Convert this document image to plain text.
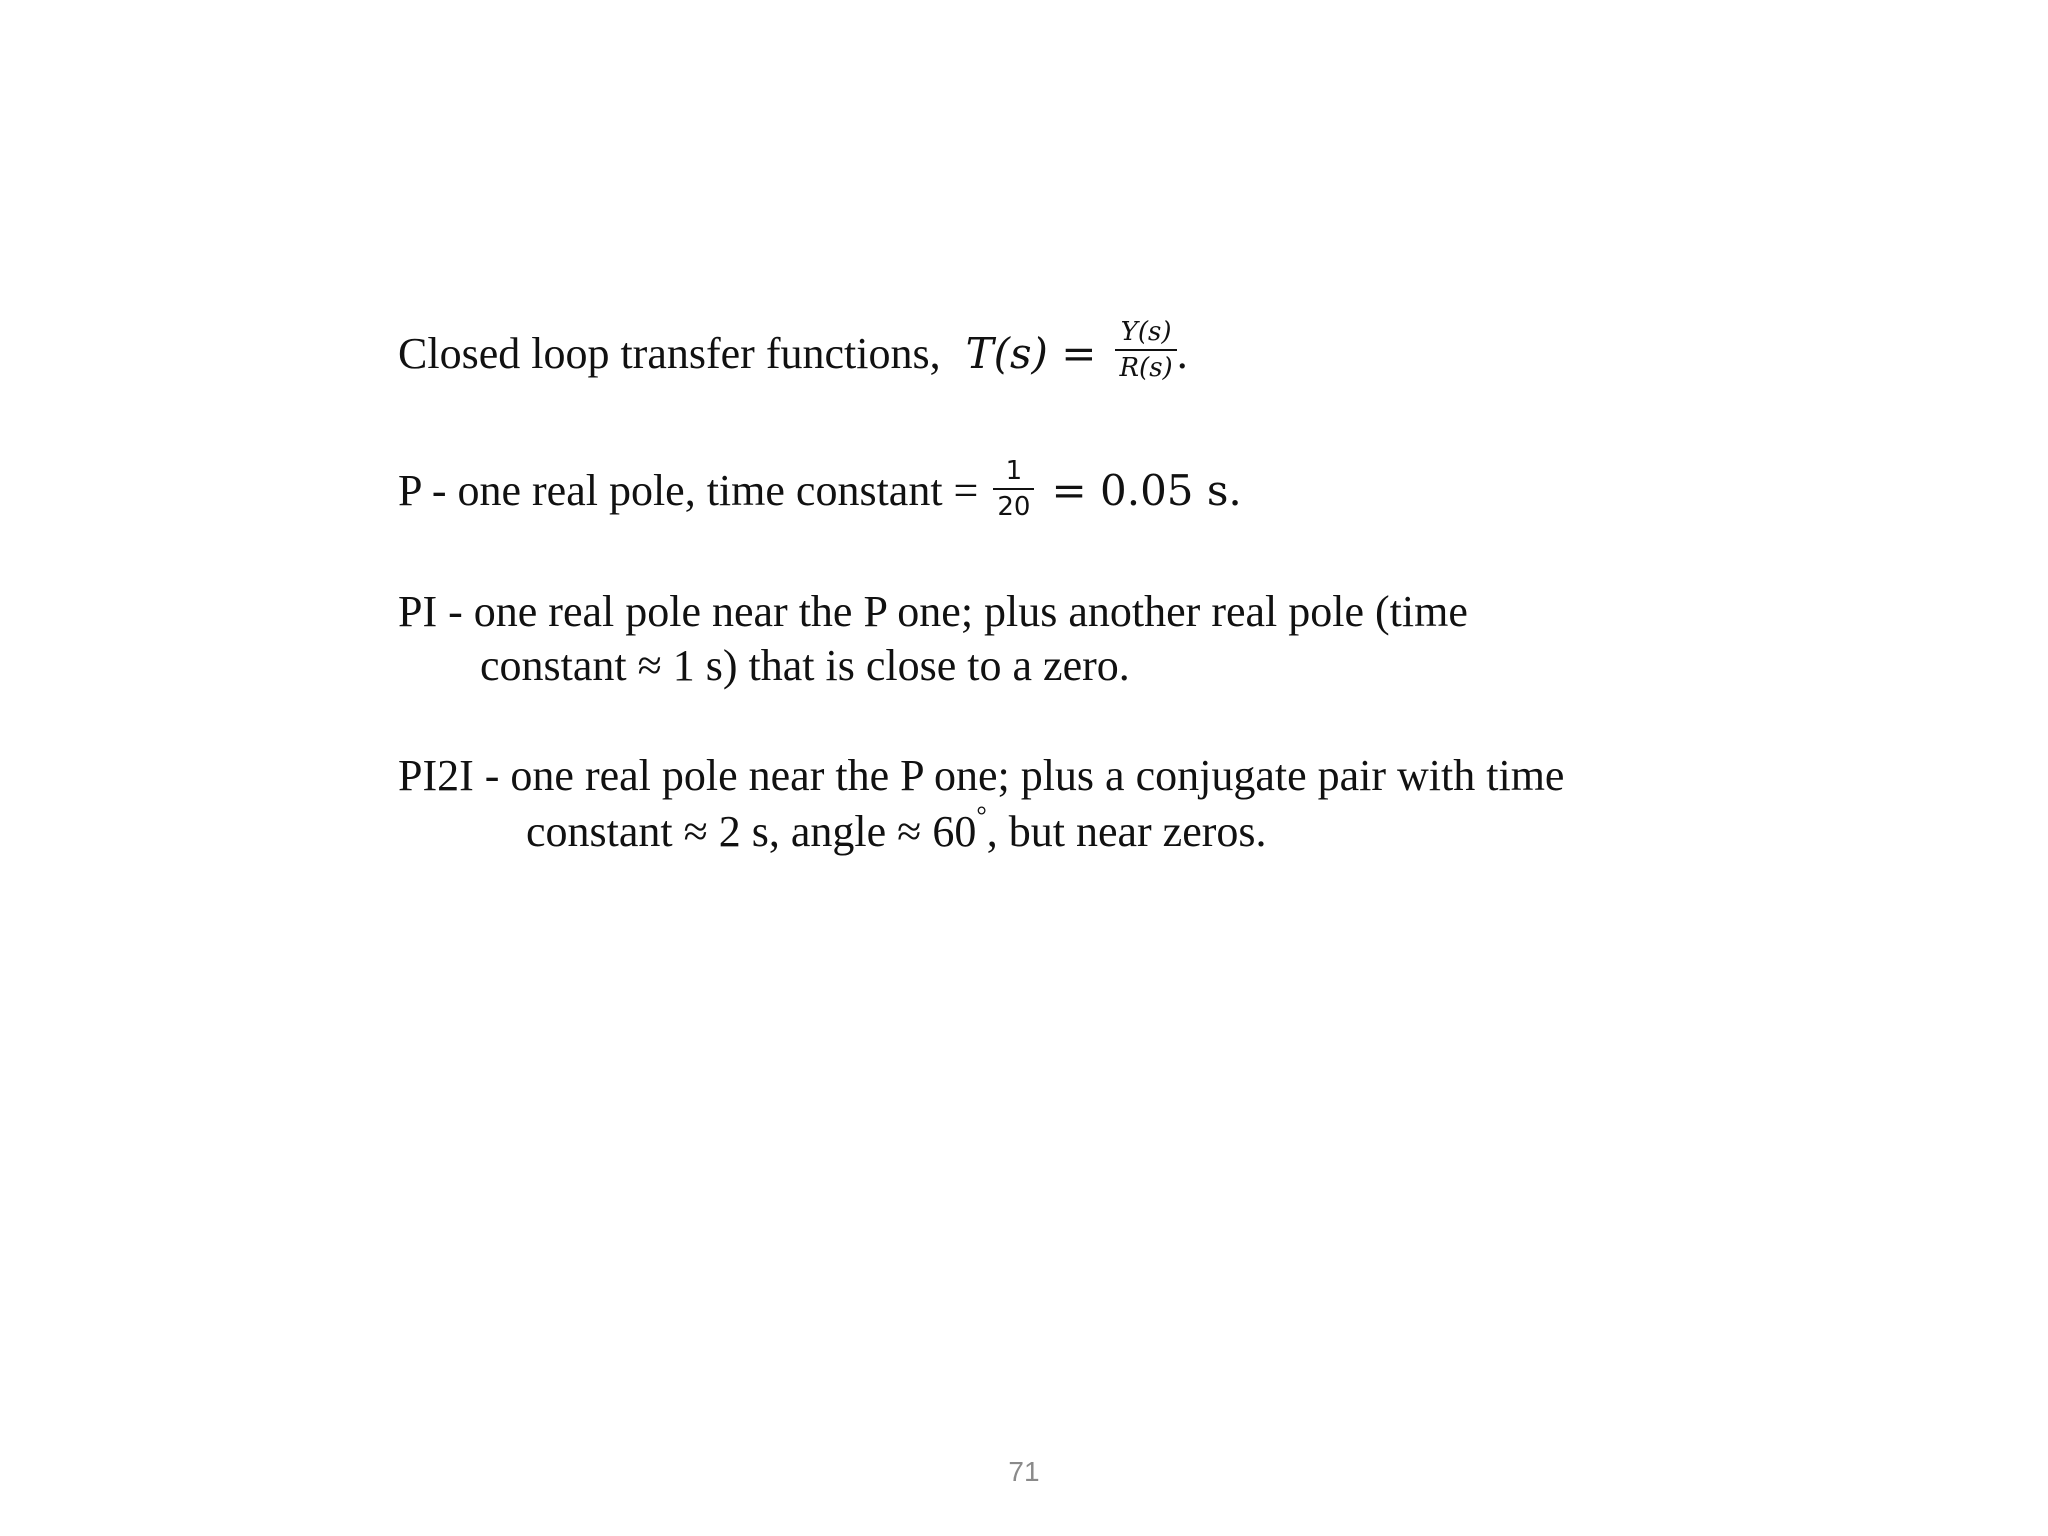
Closed loop transfer functions, $T(s) = \frac{Y(s)}{R(s)}$ .
P - one real pole, time constant = $\frac{1}{20} = 0.05$ s.
PI - one real pole near the P one; plus another real pole (time
constant ≈ 1 s) that is close to a zero.
PI2I - one real pole near the P one; plus a conjugate pair with time
constant ≈ 2 s, angle ≈ 60°, but near zeros.
71
